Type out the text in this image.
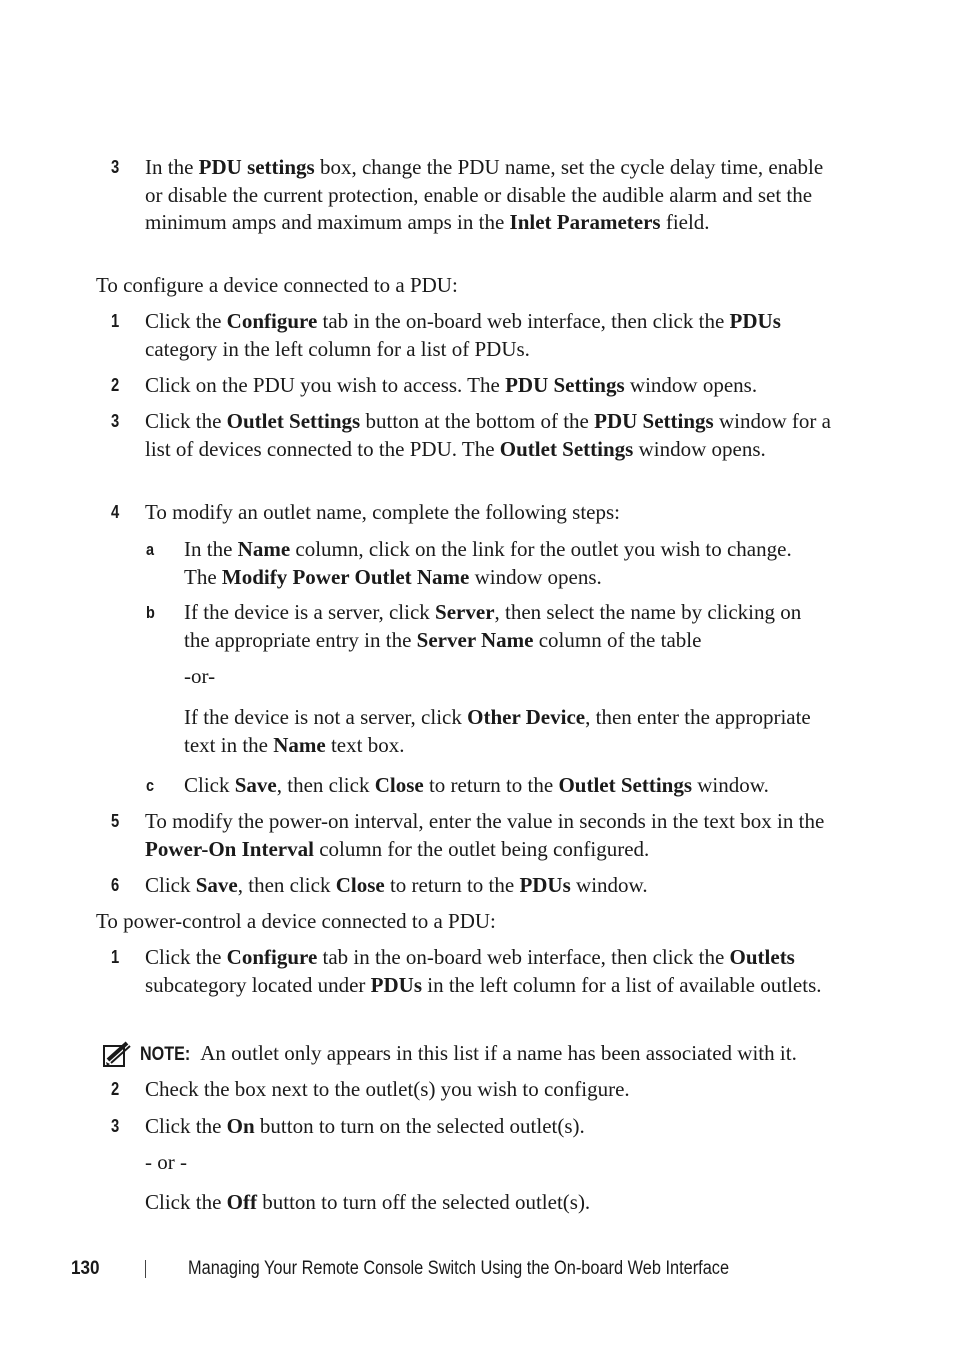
3 In the PDU settings box, change the PDU name, set the cycle delay time, enable or disable the current protection, enable or disable the audible alarm and set the minimum amps and maximum amps in the Inlet Parameters field.
To configure a device connected to a PDU:
1 Click the Configure tab in the on-board web interface, then click the PDUs category in the left column for a list of PDUs.
2 Click on the PDU you wish to access. The PDU Settings window opens.
3 Click the Outlet Settings button at the bottom of the PDU Settings window for a list of devices connected to the PDU. The Outlet Settings window opens.
4 To modify an outlet name, complete the following steps:
a In the Name column, click on the link for the outlet you wish to change. The Modify Power Outlet Name window opens.
b If the device is a server, click Server, then select the name by clicking on the appropriate entry in the Server Name column of the table
-or-
If the device is not a server, click Other Device, then enter the appropriate text in the Name text box.
c Click Save, then click Close to return to the Outlet Settings window.
5 To modify the power-on interval, enter the value in seconds in the text box in the Power-On Interval column for the outlet being configured.
6 Click Save, then click Close to return to the PDUs window.
To power-control a device connected to a PDU:
1 Click the Configure tab in the on-board web interface, then click the Outlets subcategory located under PDUs in the left column for a list of available outlets.
NOTE: An outlet only appears in this list if a name has been associated with it.
2 Check the box next to the outlet(s) you wish to configure.
3 Click the On button to turn on the selected outlet(s).
- or -
Click the Off button to turn off the selected outlet(s).
130	Managing Your Remote Console Switch Using the On-board Web Interface
